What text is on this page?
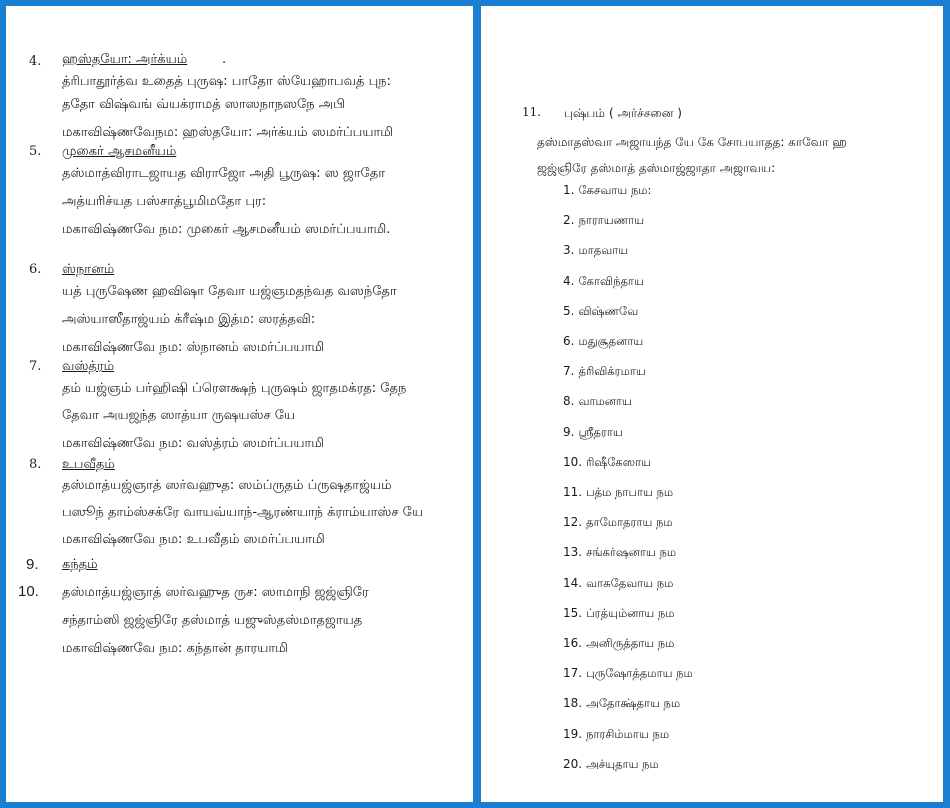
4. ஹஸ்தயோ: அர்க்யம்	.
த்ரிபாதூர்த்வ உதைத் புருஷ: பாதோ ஸ்யேஹாபவத் புந:
ததோ விஷ்வங் வ்யக்ராமத் ஸாஸநாநஸநே அபி
மகாவிஷ்ணவேநம: ஹஸ்தயோ: அர்க்யம் ஸமர்ப்பயாமி
5. முகைர் ஆசமனீயம்
தஸ்மாத்விராடஜாயத விராஜோ அதி பூருஷ: ஸ ஜாதோ
அத்யரிச்யத பஸ்சாத்பூமிமதோ புர:
மகாவிஷ்ணவே நம: முகைர் ஆசமனீயம் ஸமர்ப்பயாமி.
6. ஸ்நானம்
யத் புருஷேண ஹவிஷா தேவா யஜ்ஞமதந்வத வஸந்தோ
அஸ்யாஸீதாஜ்யம் க்ரீஷ்ம இத்ம: ஸரத்தவி:
மகாவிஷ்ணவே நம: ஸ்நானம் ஸமர்ப்பயாமி
7. வஸ்த்ரம்
தம் யஜ்ஞம் பர்ஹிஷி ப்ரௌக்ஷந் புருஷம் ஜாதமக்ரத: தேந
தேவா அயஜந்த ஸாத்யா ருஷயஸ்ச யே
மகாவிஷ்ணவே நம: வஸ்த்ரம் ஸமர்ப்பயாமி
8. உபவீதம்
தஸ்மாத்யஜ்ஞாத் ஸர்வஹுத: ஸம்ப்ருதம் ப்ருஷதாஜ்யம்
பஸூந் தாம்ஸ்சக்ரே வாயவ்யாந்-ஆரண்யாந் க்ராம்யாஸ்ச யே
மகாவிஷ்ணவே நம: உபவீதம் ஸமர்ப்பயாமி
9. கந்தம்
10. தஸ்மாத்யஜ்ஞாத் ஸர்வஹுத ருச: ஸாமாநி ஜஜ்ஞிரே
சந்தாம்ஸி ஜஜ்ஞிரே தஸ்மாத் யஜுஸ்தஸ்மாதஜாயத
மகாவிஷ்ணவே நம: கந்தான் தாரயாமி
11. புஷ்பம் ( அர்ச்சனை )
தஸ்மாதஸ்வா அஜாயந்த யே கே சோபயாதத: காவோ ஹ
ஜஜ்ஞிரே தஸ்மாத் தஸ்மாஜ்ஜாதா அஜாவய:
1. கேசவாய நம:
2. நாராயணாய
3. மாதவாய
4. கோவிந்தாய
5. விஷ்ணவே
6. மதுசூதனாய
7. த்ரிவிக்ரமாய
8. வாமனாய
9. ஸ்ரீதராய
10. ரிஷீகேஸாய
11. பத்ம நாபாய நம
12. தாமோதராய நம
13. சங்கர்ஷனாய நம
14. வாசுதேவாய நம
15. ப்ரத்யும்னாய நம
16. அனிருத்தாய நம
17. புருஷோத்தமாய நம
18. அதோக்ஷ்தாய நம
19. நாரசிம்மாய நம
20. அச்யுதாய நம
